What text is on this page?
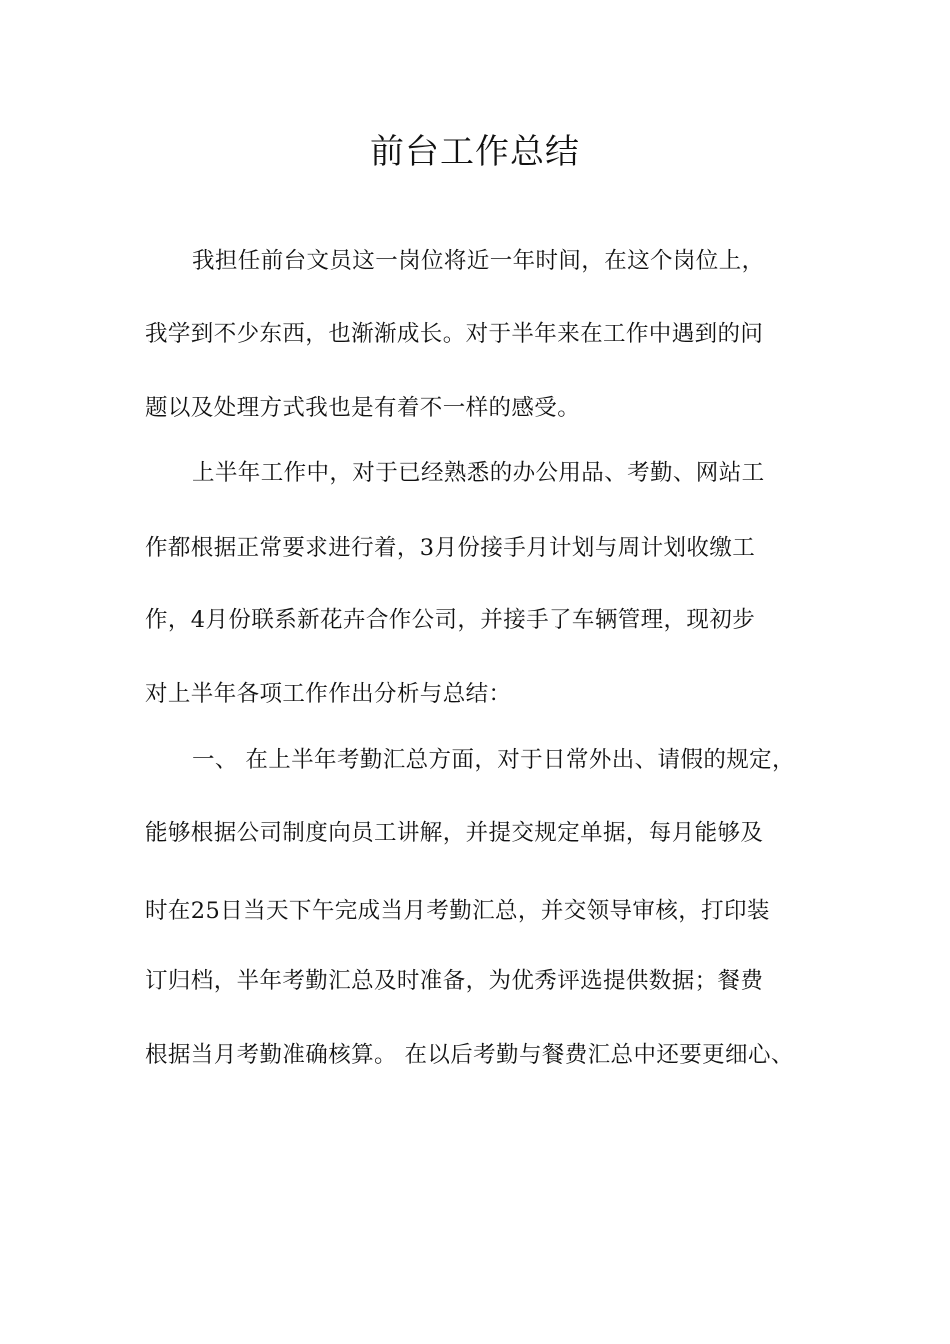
前台工作总结
我担任前台文员这一岗位将近一年时间，在这个岗位上，
我学到不少东西，也渐渐成长。对于半年来在工作中遇到的问
题以及处理方式我也是有着不一样的感受。
上半年工作中，对于已经熟悉的办公用品、考勤、网站工
作都根据正常要求进行着，3月份接手月计划与周计划收缴工
作，4月份联系新花卉合作公司，并接手了车辆管理，现初步
对上半年各项工作作出分析与总结：
一、 在上半年考勤汇总方面，对于日常外出、请假的规定，
能够根据公司制度向员工讲解，并提交规定单据，每月能够及
时在25日当天下午完成当月考勤汇总，并交领导审核，打印装
订归档，半年考勤汇总及时准备，为优秀评选提供数据；餐费
根据当月考勤准确核算。 在以后考勤与餐费汇总中还要更细心、
